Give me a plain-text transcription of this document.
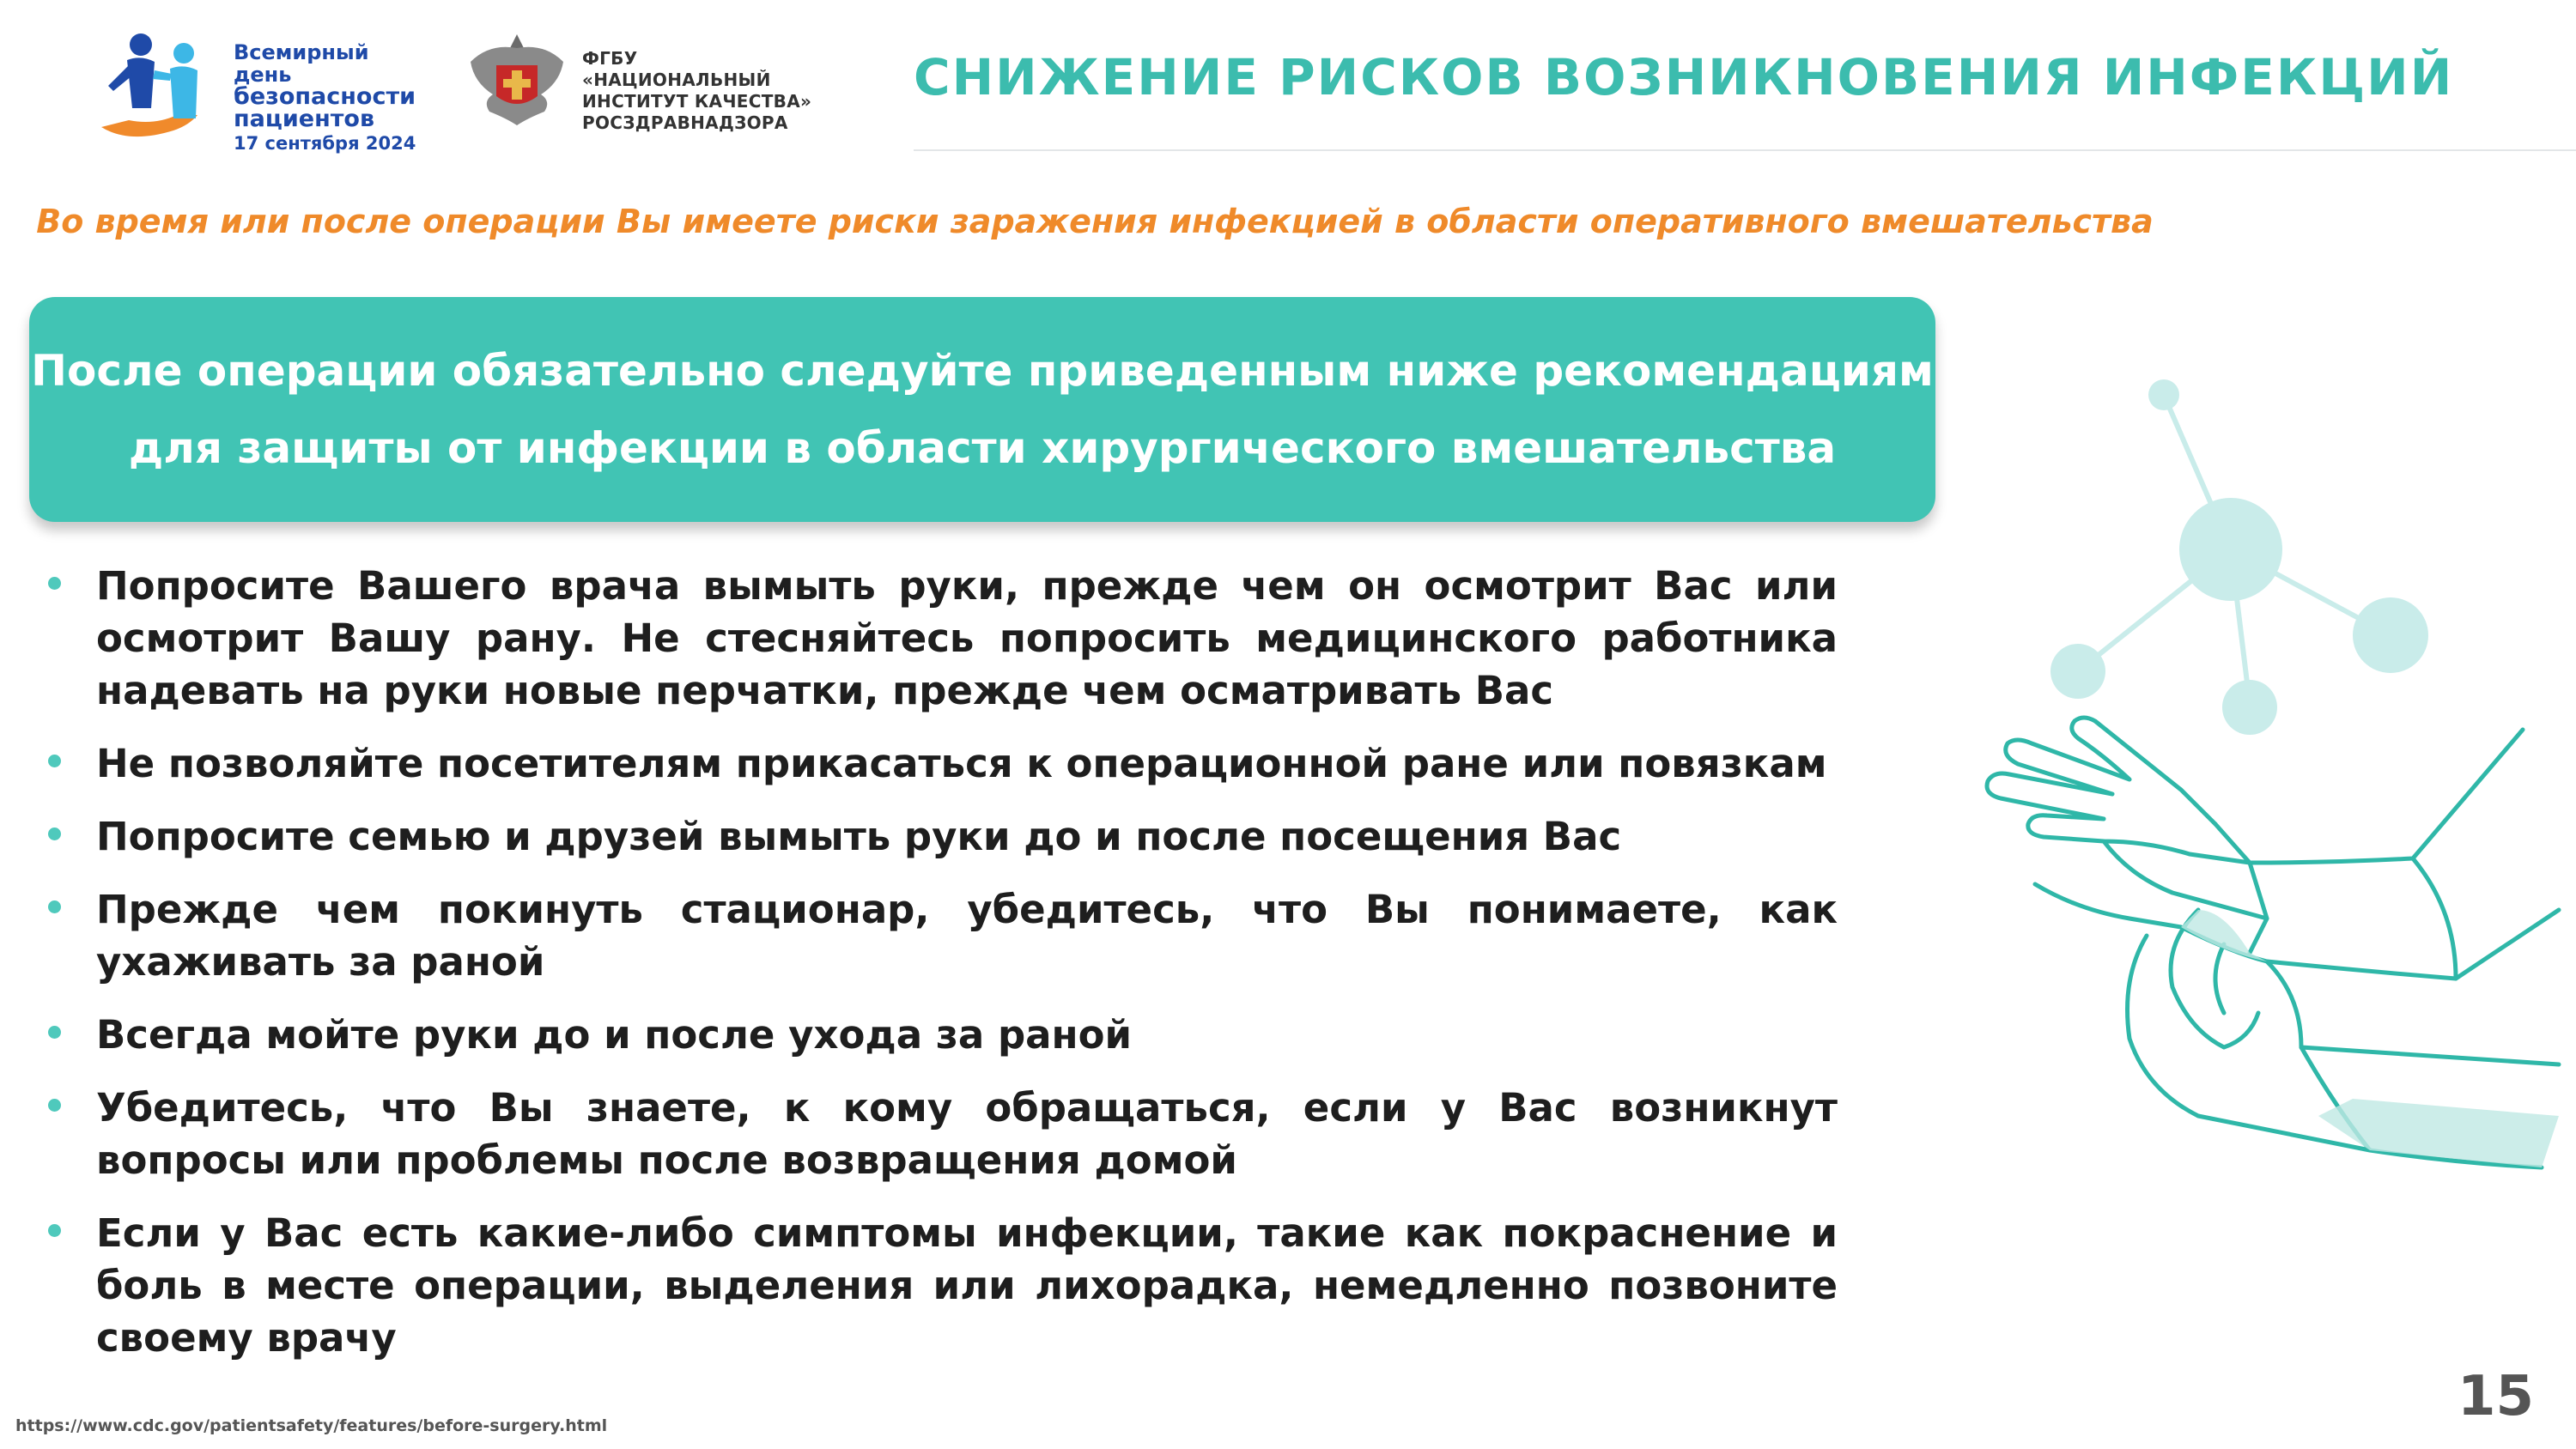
Всемирный день
безопасности
пациентов
17 сентября 2024
ФГБУ «НАЦИОНАЛЬНЫЙ
ИНСТИТУТ КАЧЕСТВА»
РОСЗДРАВНАДЗОРА
СНИЖЕНИЕ РИСКОВ ВОЗНИКНОВЕНИЯ ИНФЕКЦИЙ
Во время или после операции Вы имеете риски заражения инфекцией в области оперативного вмешательства
После операции обязательно следуйте приведенным ниже рекомендациям
для защиты от инфекции в области хирургического вмешательства
Попросите Вашего врача вымыть руки, прежде чем он осмотрит Вас или осмотрит Вашу рану. Не стесняйтесь попросить медицинского работника надевать на руки новые перчатки, прежде чем осматривать Вас
Не позволяйте посетителям прикасаться к операционной ране или повязкам
Попросите семью и друзей вымыть руки до и после посещения Вас
Прежде чем покинуть стационар, убедитесь, что Вы понимаете, как ухаживать за раной
Всегда мойте руки до и после ухода за раной
Убедитесь, что Вы знаете, к кому обращаться, если у Вас возникнут вопросы или проблемы после возвращения домой
Если у Вас есть какие-либо симптомы инфекции, такие как покраснение и боль в месте операции, выделения или лихорадка, немедленно позвоните своему врачу
https://www.cdc.gov/patientsafety/features/before-surgery.html	15
